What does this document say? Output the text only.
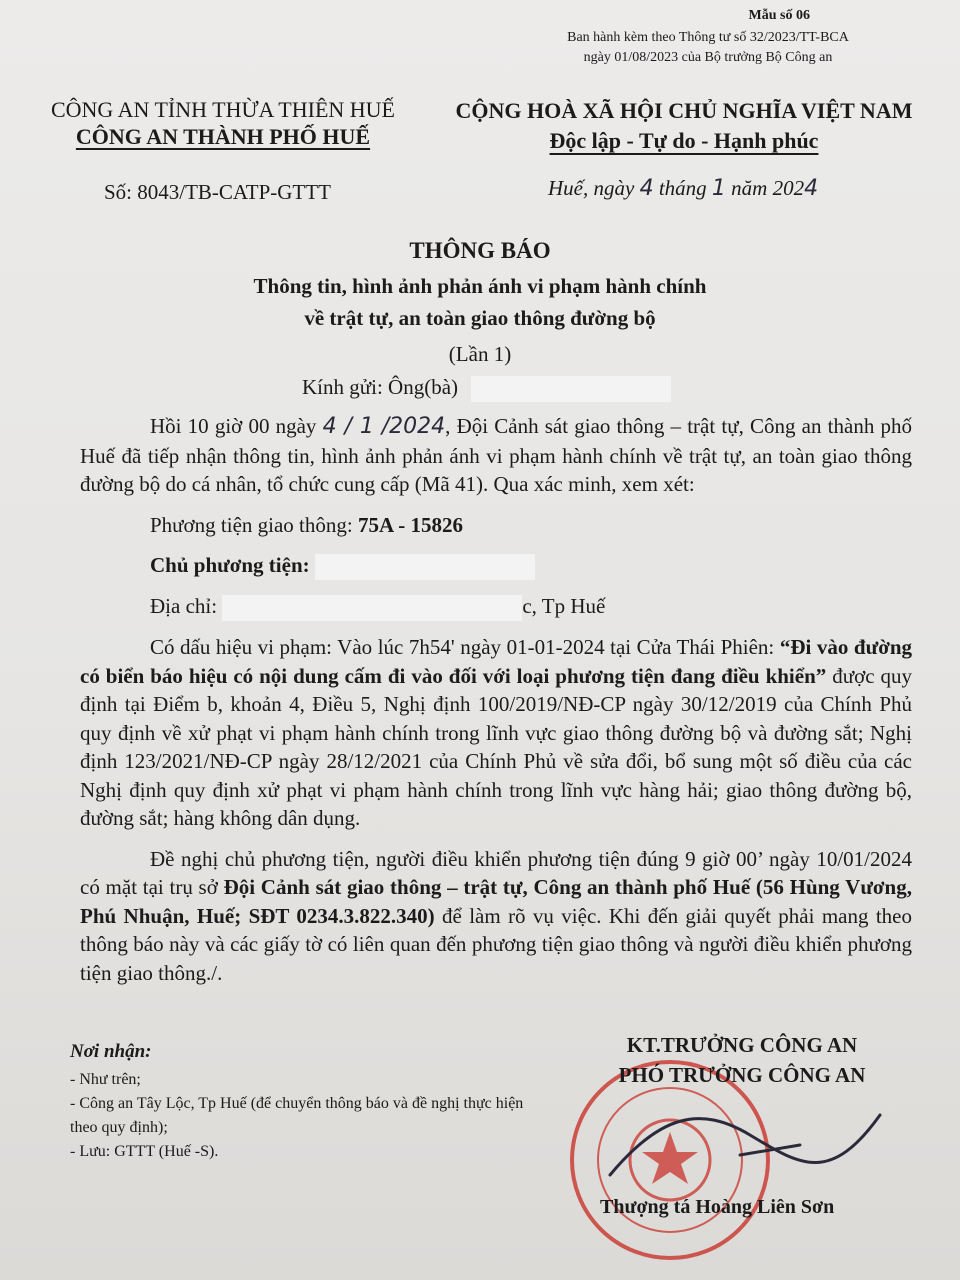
Mẫu số 06
Ban hành kèm theo Thông tư số 32/2023/TT-BCA
ngày 01/08/2023 của Bộ trưởng Bộ Công an
CÔNG AN TỈNH THỪA THIÊN HUẾ
CÔNG AN THÀNH PHỐ HUẾ
CỘNG HOÀ XÃ HỘI CHỦ NGHĨA VIỆT NAM
Độc lập - Tự do - Hạnh phúc
Số: 8043/TB-CATP-GTTT	Huế, ngày 4 tháng 1 năm 2024
THÔNG BÁO
Thông tin, hình ảnh phản ánh vi phạm hành chính
về trật tự, an toàn giao thông đường bộ
(Lần 1)
Kính gửi: Ông(bà)

Hồi 10 giờ 00 ngày 4 / 1 /2024, Đội Cảnh sát giao thông – trật tự, Công an thành phố Huế đã tiếp nhận thông tin, hình ảnh phản ánh vi phạm hành chính về trật tự, an toàn giao thông đường bộ do cá nhân, tổ chức cung cấp (Mã 41). Qua xác minh, xem xét:

Phương tiện giao thông: 75A - 15826

Chủ phương tiện:

Địa chỉ:	c, Tp Huế

Có dấu hiệu vi phạm: Vào lúc 7h54' ngày 01-01-2024 tại Cửa Thái Phiên: “Đi vào đường có biển báo hiệu có nội dung cấm đi vào đối với loại phương tiện đang điều khiển” được quy định tại Điểm b, khoản 4, Điều 5, Nghị định 100/2019/NĐ-CP ngày 30/12/2019 của Chính Phủ quy định về xử phạt vi phạm hành chính trong lĩnh vực giao thông đường bộ và đường sắt; Nghị định 123/2021/NĐ-CP ngày 28/12/2021 của Chính Phủ về sửa đổi, bổ sung một số điều của các Nghị định quy định xử phạt vi phạm hành chính trong lĩnh vực hàng hải; giao thông đường bộ, đường sắt; hàng không dân dụng.

Đề nghị chủ phương tiện, người điều khiển phương tiện đúng 9 giờ 00’ ngày 10/01/2024 có mặt tại trụ sở Đội Cảnh sát giao thông – trật tự, Công an thành phố Huế (56 Hùng Vương, Phú Nhuận, Huế; SĐT 0234.3.822.340) để làm rõ vụ việc. Khi đến giải quyết phải mang theo thông báo này và các giấy tờ có liên quan đến phương tiện giao thông và người điều khiển phương tiện giao thông./.

Nơi nhận:
- Như trên;
- Công an Tây Lộc, Tp Huế (để chuyển thông báo và đề nghị thực hiện theo quy định);
- Lưu: GTTT (Huế -S).
KT.TRƯỞNG CÔNG AN
PHÓ TRƯỞNG CÔNG AN
Thượng tá Hoàng Liên Sơn
